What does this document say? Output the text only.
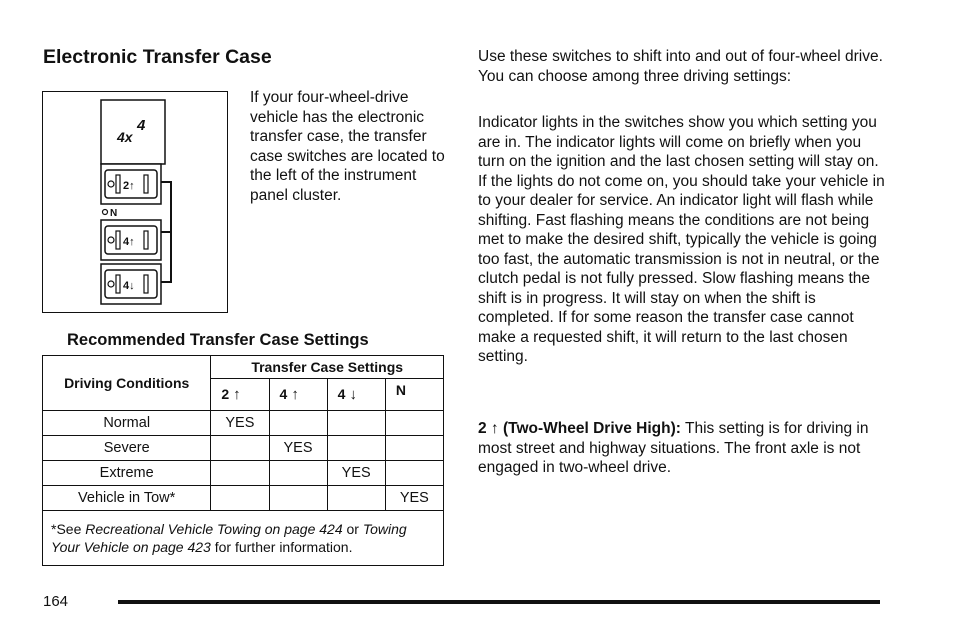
Electronic Transfer Case
4
4x
2↑
N
4↑
4↓
If your four-wheel-drive vehicle has the electronic transfer case, the transfer case switches are located to the left of the instrument panel cluster.
Recommended Transfer Case Settings
Driving Conditions	Transfer Case Settings			
	2 ↑	4 ↑	4 ↓	N
Normal	YES			
Severe		YES		
Extreme			YES	
Vehicle in Tow*				YES
*See Recreational Vehicle Towing on page 424 or Towing Your Vehicle on page 423 for further information.				
Use these switches to shift into and out of four-wheel drive. You can choose among three driving settings:
Indicator lights in the switches show you which setting you are in. The indicator lights will come on briefly when you turn on the ignition and the last chosen setting will stay on. If the lights do not come on, you should take your vehicle in to your dealer for service. An indicator light will flash while shifting. Fast flashing means the conditions are not being met to make the desired shift, typically the vehicle is going too fast, the automatic transmission is not in neutral, or the clutch pedal is not fully pressed. Slow flashing means the shift is in progress. It will stay on when the shift is completed. If for some reason the transfer case cannot make a requested shift, it will return to the last chosen setting.
2 ↑ (Two-Wheel Drive High): This setting is for driving in most street and highway situations. The front axle is not engaged in two-wheel drive.
164
